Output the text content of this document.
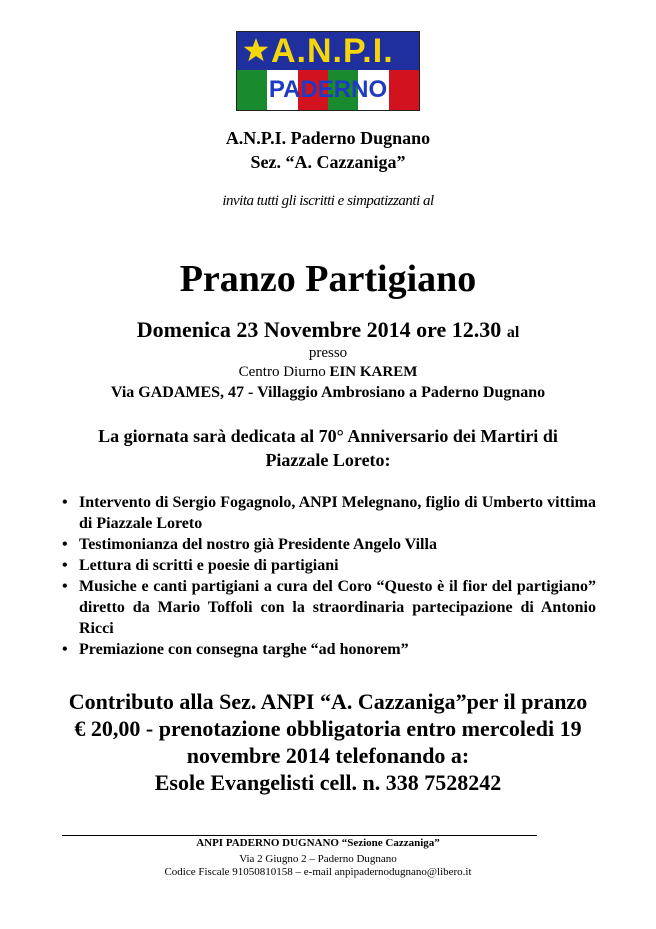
A.N.P.I.
PADERNO
A.N.P.I. Paderno Dugnano
Sez. “A. Cazzaniga”
invita tutti gli iscritti e simpatizzanti al
Pranzo Partigiano
Domenica 23 Novembre 2014 ore 12.30 al
presso
Centro Diurno EIN KAREM
Via GADAMES, 47 - Villaggio Ambrosiano a Paderno Dugnano
La giornata sarà dedicata al 70° Anniversario dei Martiri di
Piazzale Loreto:
• Intervento di Sergio Fogagnolo, ANPI Melegnano, figlio di Umberto vittima di Piazzale Loreto
• Testimonianza del nostro già Presidente Angelo Villa
• Lettura di scritti e poesie di partigiani
• Musiche e canti partigiani a cura del Coro “Questo è il fior del partigiano” diretto da Mario Toffoli con la straordinaria partecipazione di Antonio Ricci
• Premiazione con consegna targhe “ad honorem”
Contributo alla Sez. ANPI “A. Cazzaniga”per il pranzo
€ 20,00 - prenotazione obbligatoria entro mercoledi 19
novembre 2014 telefonando a:
Esole Evangelisti cell. n. 338 7528242
ANPI PADERNO DUGNANO “Sezione Cazzaniga”
Via 2 Giugno 2 – Paderno Dugnano
Codice Fiscale 91050810158 – e-mail anpipadernodugnano@libero.it
